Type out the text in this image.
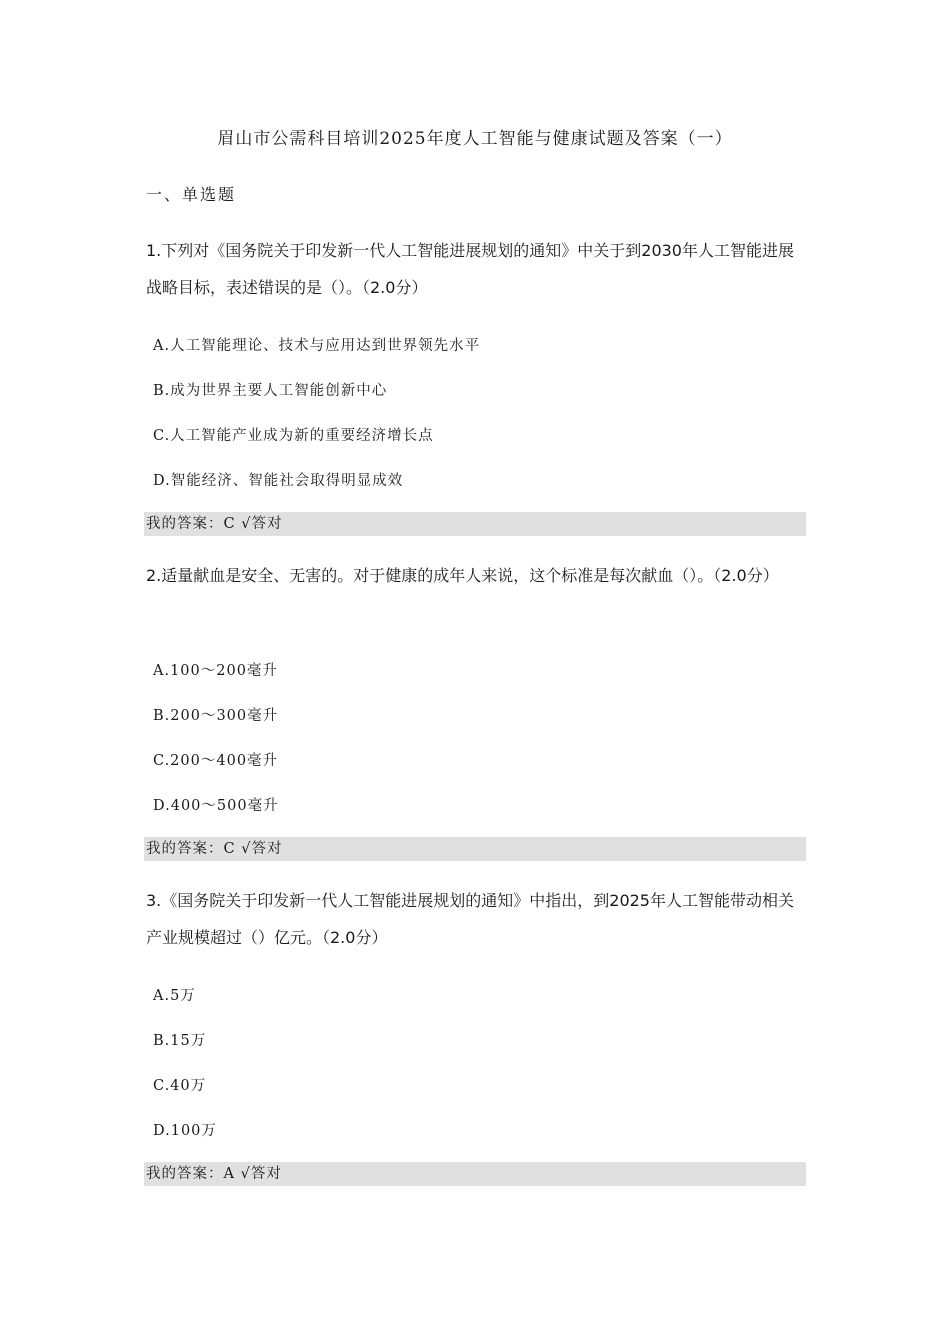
眉山市公需科目培训2025年度人工智能与健康试题及答案（一）
一、单选题
1.下列对《国务院关于印发新一代人工智能进展规划的通知》中关于到2030年人工智能进展战略目标，表述错误的是（）。（2.0分）
A.人工智能理论、技术与应用达到世界领先水平
B.成为世界主要人工智能创新中心
C.人工智能产业成为新的重要经济增长点
D.智能经济、智能社会取得明显成效
我的答案：C √答对
2.适量献血是安全、无害的。对于健康的成年人来说，这个标准是每次献血（）。（2.0分）
A.100～200毫升
B.200～300毫升
C.200～400毫升
D.400～500毫升
我的答案：C √答对
3.《国务院关于印发新一代人工智能进展规划的通知》中指出，到2025年人工智能带动相关产业规模超过（）亿元。（2.0分）
A.5万
B.15万
C.40万
D.100万
我的答案：A √答对
